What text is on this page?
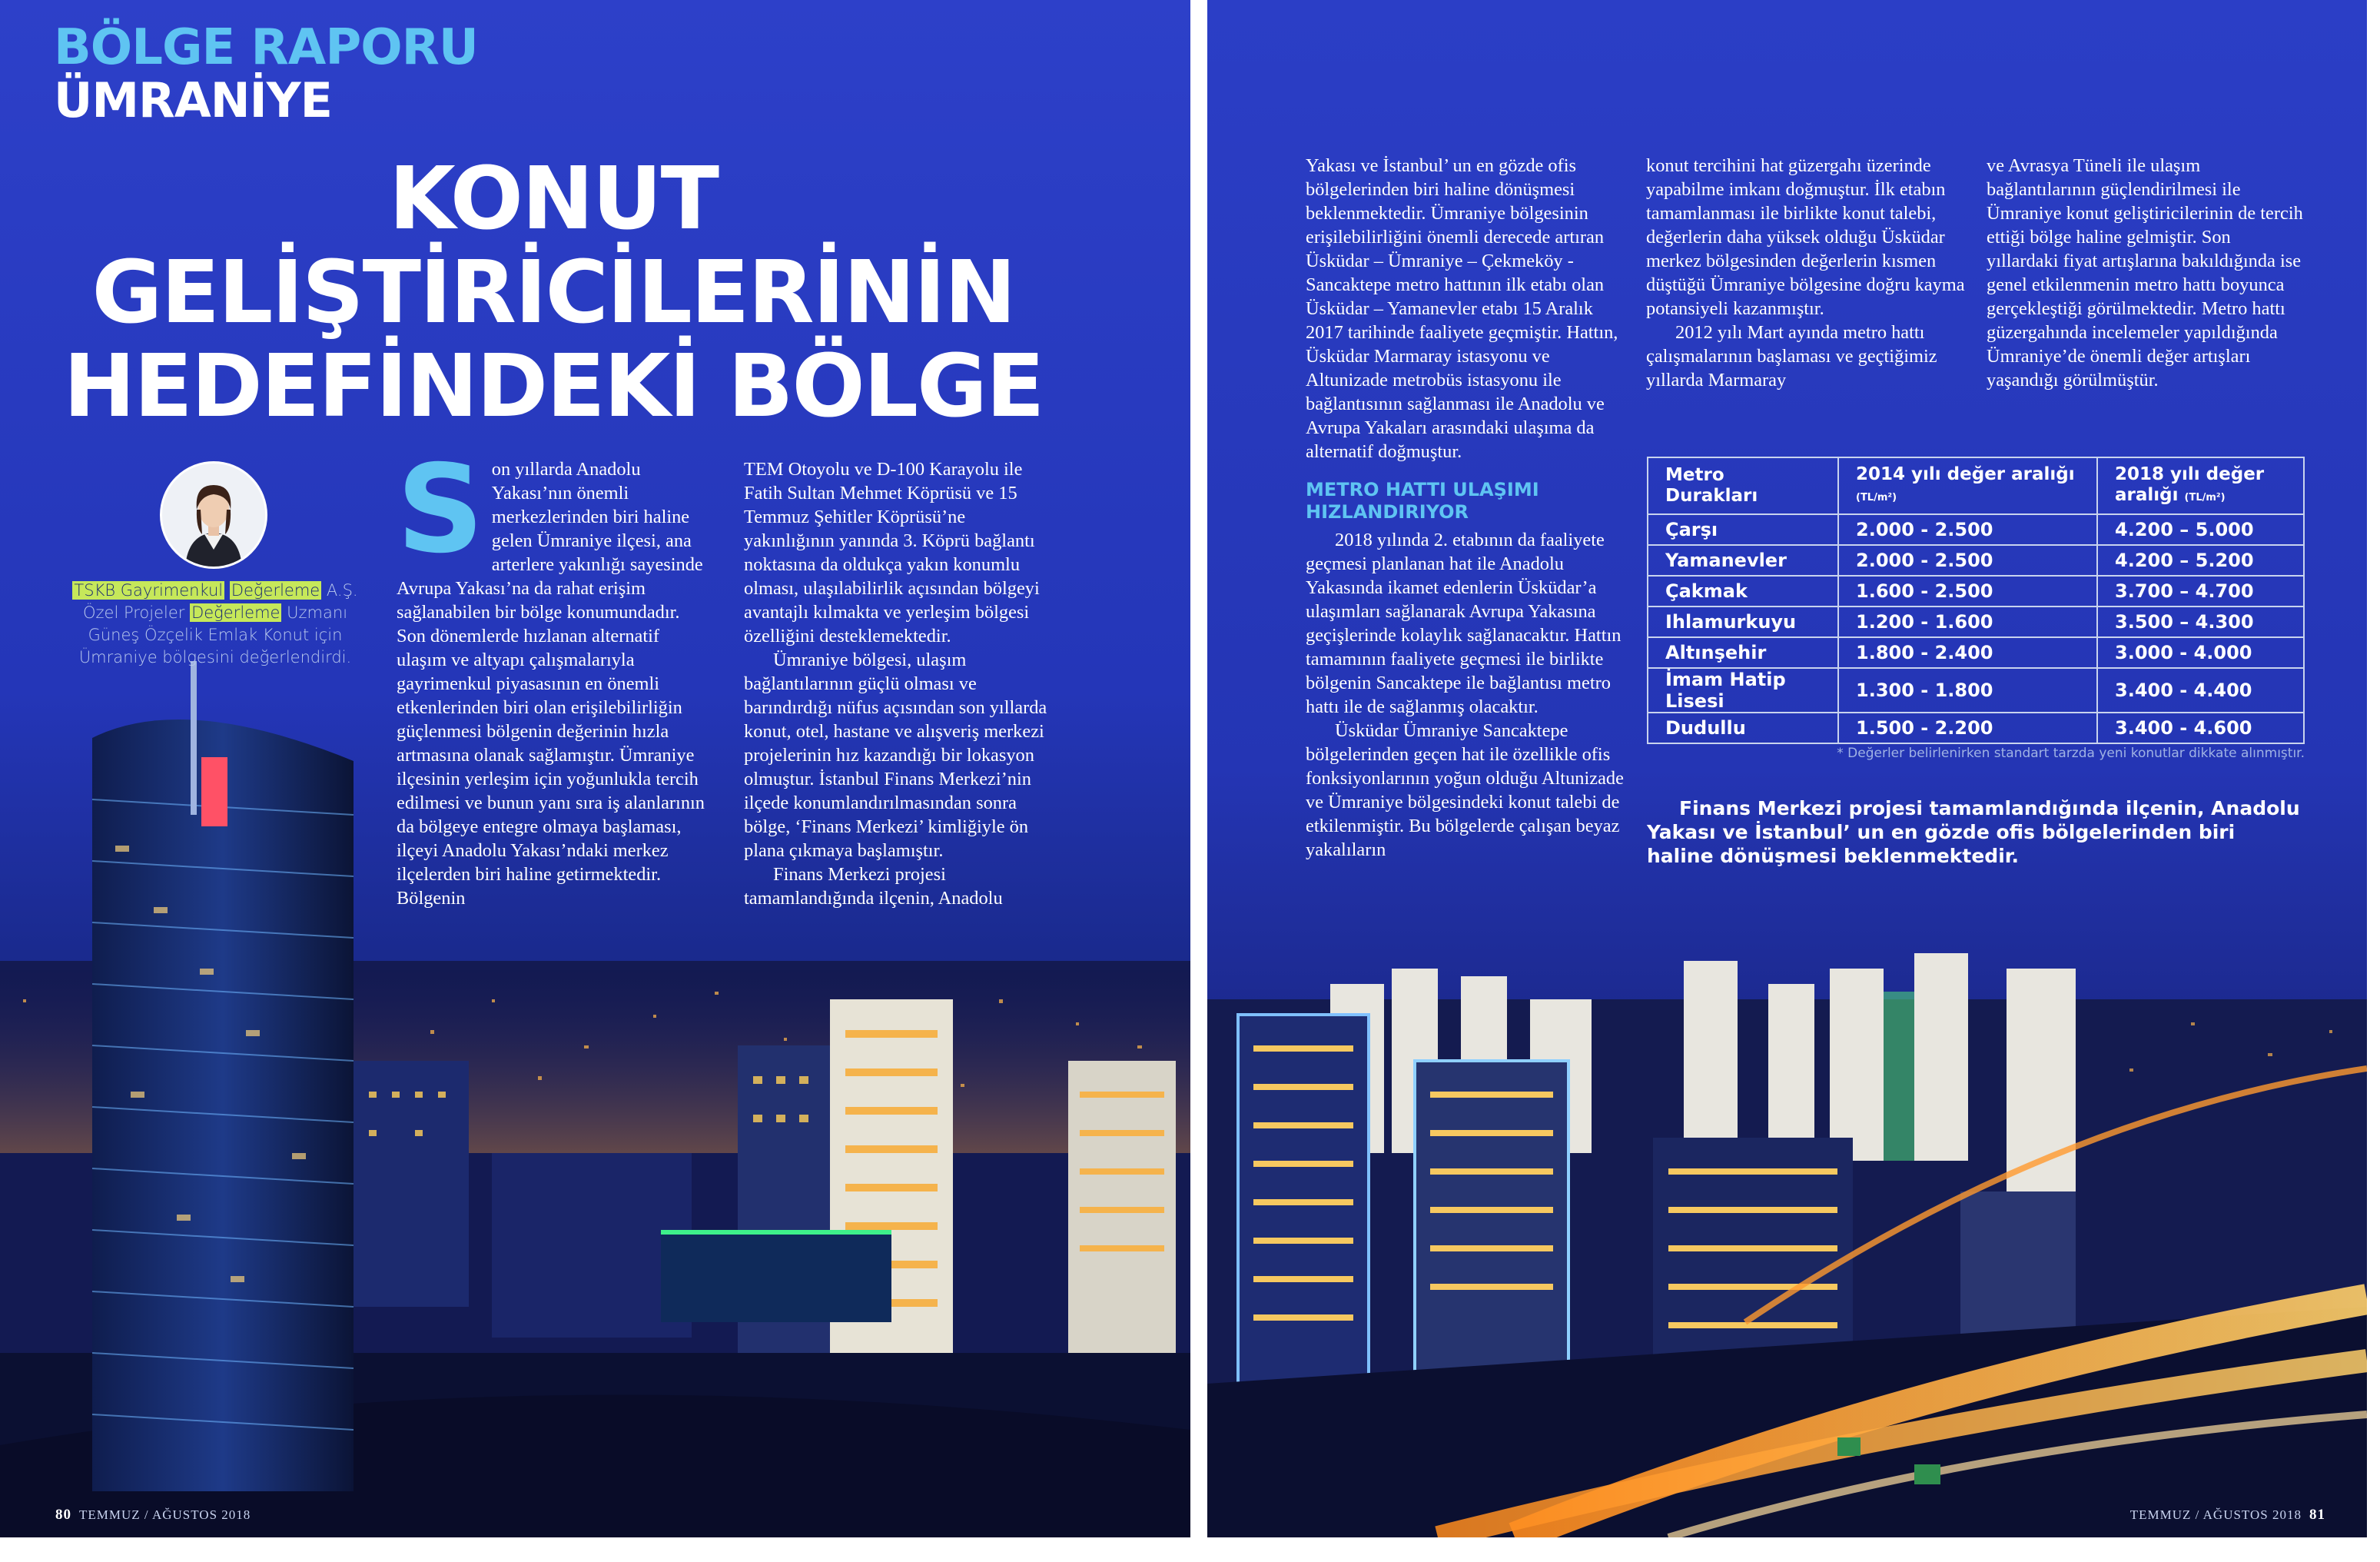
BÖLGE RAPORU
ÜMRANİYE
KONUT
GELİŞTİRİCİLERİNİN
HEDEFİNDEKİ BÖLGE
TSKB Gayrimenkul Değerleme A.Ş. Özel Projeler Değerleme Uzmanı Güneş Özçelik Emlak Konut için Ümraniye bölgesini değerlendirdi.
S on yıllarda Anadolu Yakası’nın önemli merkezlerinden biri haline gelen Ümraniye ilçesi, ana arterlere yakınlığı sayesinde Avrupa Yakası’na da rahat erişim sağlanabilen bir bölge konumundadır. Son dönemlerde hızlanan alternatif ulaşım ve altyapı çalışmalarıyla gayrimenkul piyasasının en önemli etkenlerinden biri olan erişilebilirliğin güçlenmesi bölgenin değerinin hızla artmasına olanak sağlamıştır. Ümraniye ilçesinin yerleşim için yoğunlukla tercih edilmesi ve bunun yanı sıra iş alanlarının da bölgeye entegre olmaya başlaması, ilçeyi Anadolu Yakası’ndaki merkez ilçelerden biri haline getirmektedir. Bölgenin

TEM Otoyolu ve D-100 Karayolu ile Fatih Sultan Mehmet Köprüsü ve 15 Temmuz Şehitler Köprüsü’ne yakınlığının yanında 3. Köprü bağlantı noktasına da oldukça yakın konumlu olması, ulaşılabilirlik açısından bölgeyi avantajlı kılmakta ve yerleşim bölgesi özelliğini desteklemektedir.

Ümraniye bölgesi, ulaşım bağlantılarının güçlü olması ve barındırdığı nüfus açısından son yıllarda konut, otel, hastane ve alışveriş merkezi projelerinin hız kazandığı bir lokasyon olmuştur. İstanbul Finans Merkezi’nin ilçede konumlandırılmasından sonra bölge, ‘Finans Merkezi’ kimliğiyle ön plana çıkmaya başlamıştır.

Finans Merkezi projesi tamamlandığında ilçenin, Anadolu

80 TEMMUZ / AĞUSTOS 2018

Yakası ve İstanbul’ un en gözde ofis bölgelerinden biri haline dönüşmesi beklenmektedir. Ümraniye bölgesinin erişilebilirliğini önemli derecede artıran Üsküdar – Ümraniye – Çekmeköy - Sancaktepe metro hattının ilk etabı olan Üsküdar – Yamanevler etabı 15 Aralık 2017 tarihinde faaliyete geçmiştir. Hattın, Üsküdar Marmaray istasyonu ve Altunizade metrobüs istasyonu ile bağlantısının sağlanması ile Anadolu ve Avrupa Yakaları arasındaki ulaşıma da alternatif doğmuştur.

METRO HATTI ULAŞIMI HIZLANDIRIYOR

2018 yılında 2. etabının da faaliyete geçmesi planlanan hat ile Anadolu Yakasında ikamet edenlerin Üsküdar’a ulaşımları sağlanarak Avrupa Yakasına geçişlerinde kolaylık sağlanacaktır. Hattın tamamının faaliyete geçmesi ile birlikte bölgenin Sancaktepe ile bağlantısı metro hattı ile de sağlanmış olacaktır.

Üsküdar Ümraniye Sancaktepe bölgelerinden geçen hat ile özellikle ofis fonksiyonlarının yoğun olduğu Altunizade ve Ümraniye bölgesindeki konut talebi de etkilenmiştir. Bu bölgelerde çalışan beyaz yakalıların

konut tercihini hat güzergahı üzerinde yapabilme imkanı doğmuştur. İlk etabın tamamlanması ile birlikte konut talebi, değerlerin daha yüksek olduğu Üsküdar merkez bölgesinden değerlerin kısmen düştüğü Ümraniye bölgesine doğru kayma potansiyeli kazanmıştır.

2012 yılı Mart ayında metro hattı çalışmalarının başlaması ve geçtiğimiz yıllarda Marmaray

ve Avrasya Tüneli ile ulaşım bağlantılarının güçlendirilmesi ile Ümraniye konut geliştiricilerinin de tercih ettiği bölge haline gelmiştir. Son yıllardaki fiyat artışlarına bakıldığında ise genel etkilenmenin metro hattı boyunca gerçekleştiği görülmektedir. Metro hattı güzergahında incelemeler yapıldığında Ümraniye’de önemli değer artışları yaşandığı görülmüştür.

Metro Durakları	2014 yılı değer aralığı (TL/m²)	2018 yılı değer aralığı (TL/m²)
Çarşı	2.000 - 2.500	4.200 – 5.000
Yamanevler	2.000 - 2.500	4.200 – 5.200
Çakmak	1.600 - 2.500	3.700 – 4.700
Ihlamurkuyu	1.200 - 1.600	3.500 – 4.300
Altınşehir	1.800 - 2.400	3.000 - 4.000
İmam Hatip Lisesi	1.300 - 1.800	3.400 - 4.400
Dudullu	1.500 - 2.200	3.400 - 4.600
* Değerler belirlenirken standart tarzda yeni konutlar dikkate alınmıştır.
Finans Merkezi projesi tamamlandığında ilçenin, Anadolu Yakası ve İstanbul’ un en gözde ofis bölgelerinden biri haline dönüşmesi beklenmektedir.
TEMMUZ / AĞUSTOS 2018 81
